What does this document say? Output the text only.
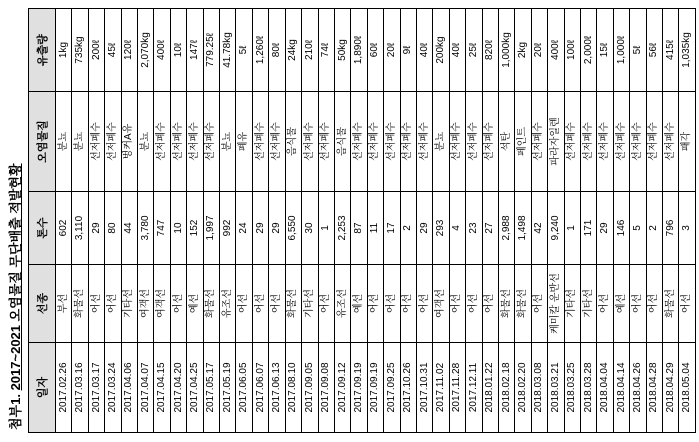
첨부1. 2017~2021 오염물질 무단배출 적발현황 일자	선종	톤수	오염물질	유출량
2017.02.26	부선	602	분뇨	1kg
2017.03.16	화물선	3,110	분뇨	735kg
2017.03.17	어선	29	선저폐수	200ℓ
2017.03.24	어선	80	선저폐수	45ℓ
2017.04.06	기타선	44	벙커A유	120ℓ
2017.04.07	여객선	3,780	분뇨	2,070kg
2017.04.15	여객선	747	선저폐수	400ℓ
2017.04.20	어선	10	선저폐수	10ℓ
2017.04.25	예선	152	선저폐수	147ℓ
2017.05.17	화물선	1,997	선저폐수	779.25ℓ
2017.05.19	유조선	992	분뇨	41.78kg
2017.06.05	어선	24	폐유	5ℓ
2017.06.07	어선	29	선저폐수	1,260ℓ
2017.06.13	어선	29	선저폐수	80ℓ
2017.08.10	화물선	6,550	음식물	24kg
2017.09.05	기타선	30	선저폐수	210ℓ
2017.09.08	어선	1	선저폐수	74ℓ
2017.09.12	유조선	2,253	음식물	50kg
2017.09.19	예선	87	선저폐수	1,890ℓ
2017.09.19	어선	11	선저폐수	60ℓ
2017.09.25	어선	17	선저폐수	20ℓ
2017.10.26	어선	2	선저폐수	9ℓ
2017.10.31	어선	29	선저폐수	40ℓ
2017.11.02	여객선	293	분뇨	200kg
2017.11.28	어선	4	선저폐수	40ℓ
2017.12.11	어선	23	선저폐수	25ℓ
2018.01.22	어선	27	선저폐수	820ℓ
2018.02.18	화물선	2,988	석탄	1,000kg
2018.02.20	화물선	1,498	페인트	2kg
2018.03.08	어선	42	선저폐수	20ℓ
2018.03.21	케미칼 운반선	9,240	파라자일렌	400ℓ
2018.03.25	기타선	1	선저폐수	100ℓ
2018.03.28	기타선	171	선저폐수	2,000ℓ
2018.04.04	어선	29	선저폐수	15ℓ
2018.04.14	예선	146	선저폐수	1,000ℓ
2018.04.26	어선	5	선저폐수	5ℓ
2018.04.28	어선	2	선저폐수	56ℓ
2018.04.29	화물선	796	선저폐수	415ℓ
2018.05.04	어선	3	패각	1,035kg
